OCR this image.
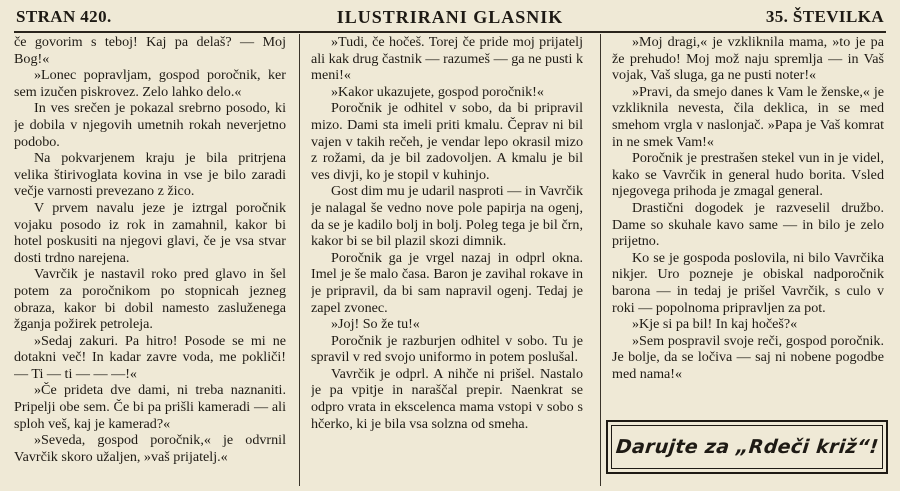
ILUSTRIRANI GLASNIK
STRAN 420.	35. ŠTEVILKA

če govorim s teboj! Kaj pa delaš? — Moj Bog!«

»Lonec popravljam, gospod poročnik, ker sem izučen piskrovez. Zelo lahko delo.«

In ves srečen je pokazal srebrno posodo, ki je dobila v njegovih umetnih rokah neverjetno podobo.

Na pokvarjenem kraju je bila pritrjena velika štirivoglata kovina in vse je bilo zaradi večje varnosti prevezano z žico.

V prvem navalu jeze je iztrgal poročnik vojaku posodo iz rok in zamahnil, kakor bi hotel poskusiti na njegovi glavi, če je vsa stvar dosti trdno narejena.

Vavrčik je nastavil roko pred glavo in šel potem za poročnikom po stopnicah jezneg obraza, kakor bi dobil namesto zasluženega žganja požirek petroleja.

»Sedaj zakuri. Pa hitro! Posode se mi ne dotakni več! In kadar zavre voda, me pokliči! — Ti — ti — — —!«

»Če prideta dve dami, ni treba naznaniti. Pripelji obe sem. Če bi pa prišli kameradi — ali sploh veš, kaj je kamerad?«

»Seveda, gospod poročnik,« je odvrnil Vavrčik skoro užaljen, »vaš prijatelj.«

»Tudi, če hočeš. Torej če pride moj prijatelj ali kak drug častnik — razumeš — ga ne pusti k meni!«

»Kakor ukazujete, gospod poročnik!«

Poročnik je odhitel v sobo, da bi pripravil mizo. Dami sta imeli priti kmalu. Čeprav ni bil vajen v takih rečeh, je vendar lepo okrasil mizo z rožami, da je bil zadovoljen. A kmalu je bil ves divji, ko je stopil v kuhinjo.

Gost dim mu je udaril nasproti — in Vavrčik je nalagal še vedno nove pole papirja na ogenj, da se je kadilo bolj in bolj. Poleg tega je bil črn, kakor bi se bil plazil skozi dimnik.

Poročnik ga je vrgel nazaj in odprl okna. Imel je še malo časa. Baron je zavihal rokave in je pripravil, da bi sam napravil ogenj. Tedaj je zapel zvonec.

»Joj! So že tu!«

Poročnik je razburjen odhitel v sobo. Tu je spravil v red svojo uniformo in potem poslušal.

Vavrčik je odprl. A nihče ni prišel. Nastalo je pa vpitje in naraščal prepir. Naenkrat se odpro vrata in ekscelenca mama vstopi v sobo s hčerko, ki je bila vsa solzna od smeha.

»Moj dragi,« je vzkliknila mama, »to je pa že prehudo! Moj mož naju spremlja — in Vaš vojak, Vaš sluga, ga ne pusti noter!«

»Pravi, da smejo danes k Vam le ženske,« je vzkliknila nevesta, čila deklica, in se med smehom vrgla v naslonjač. »Papa je Vaš komrat in ne smek Vam!«

Poročnik je prestrašen stekel vun in je videl, kako se Vavrčik in general hudo borita. Vsled njegovega prihoda je zmagal general.

Drastični dogodek je razveselil družbo. Dame so skuhale kavo same — in bilo je zelo prijetno.

Ko se je gospoda poslovila, ni bilo Vavrčika nikjer. Uro pozneje je obiskal nadporočnik barona — in tedaj je prišel Vavrčik, s culo v roki — popolnoma pripravljen za pot.

»Kje si pa bil! In kaj hočeš?«

»Sem pospravil svoje reči, gospod poročnik. Je bolje, da se ločiva — saj ni nobene pogodbe med nama!«

Darujte za „Rdeči križ“!
